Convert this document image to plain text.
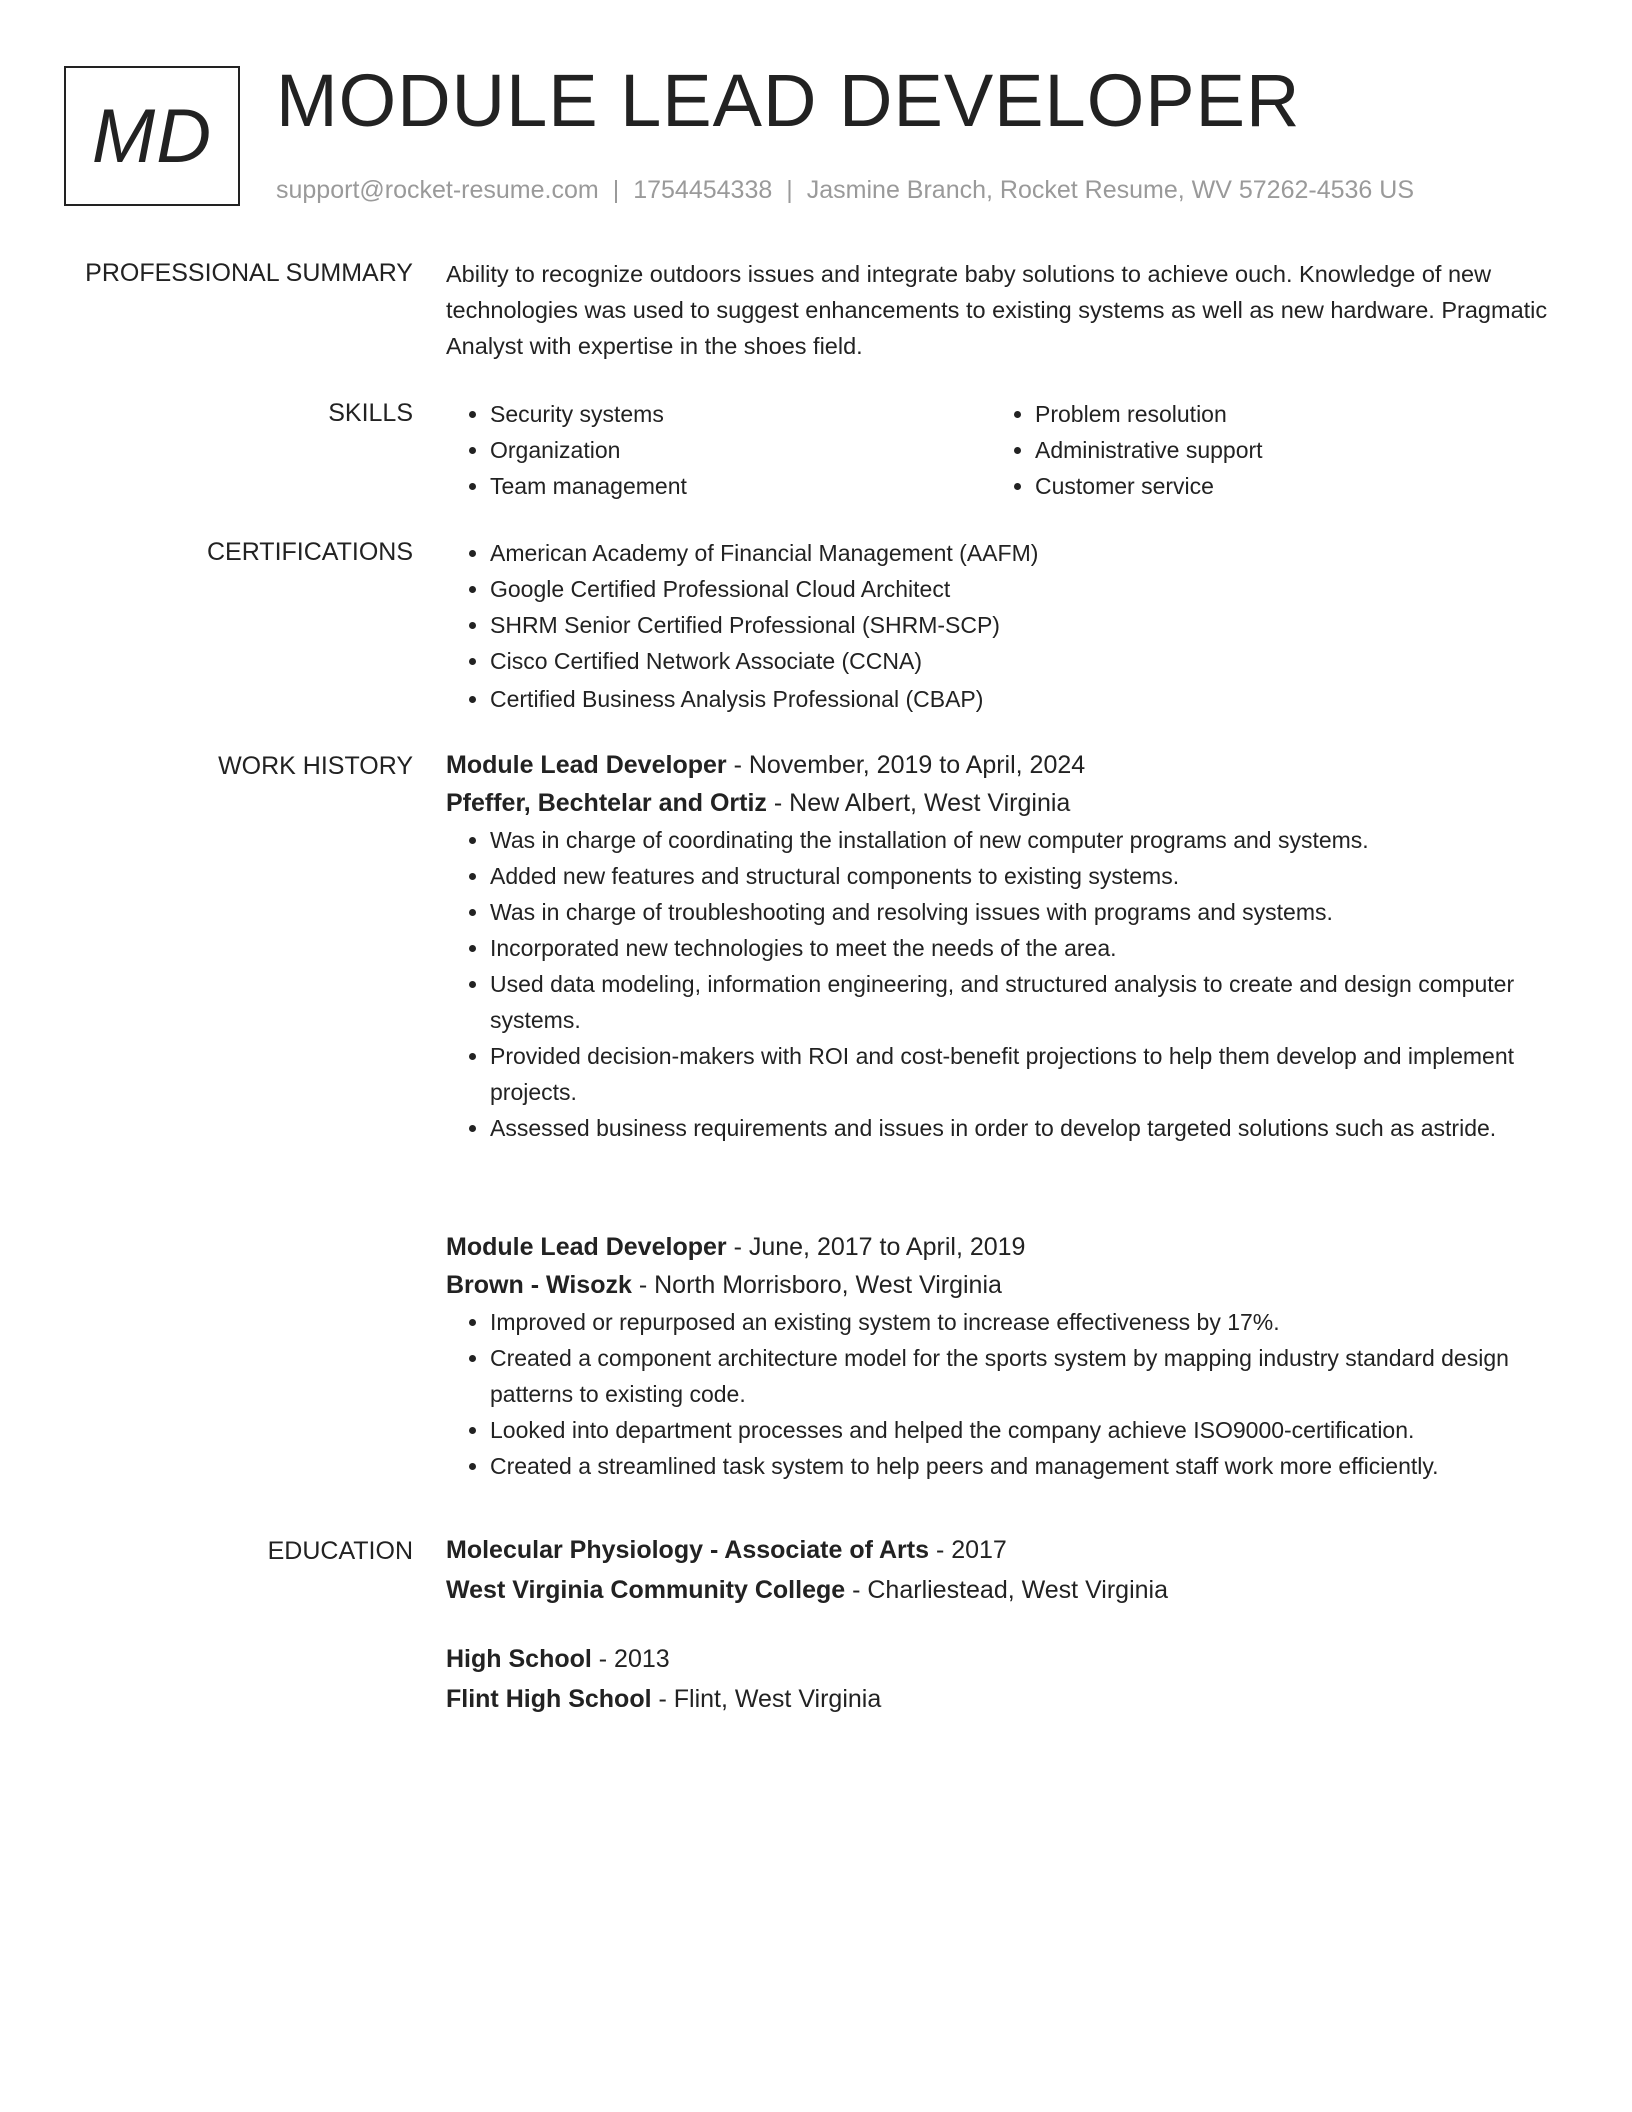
MD MODULE LEAD DEVELOPER
support@rocket-resume.com | 1754454338 | Jasmine Branch, Rocket Resume, WV 57262-4536 US
PROFESSIONAL SUMMARY Ability to recognize outdoors issues and integrate baby solutions to achieve ouch. Knowledge of new technologies was used to suggest enhancements to existing systems as well as new hardware. Pragmatic Analyst with expertise in the shoes field.

SKILLS	• Security systems
• Organization
• Team management
• Problem resolution
• Administrative support
• Customer service
CERTIFICATIONS	• American Academy of Financial Management (AAFM)
• Google Certified Professional Cloud Architect
• SHRM Senior Certified Professional (SHRM-SCP)
• Cisco Certified Network Associate (CCNA)
• Certified Business Analysis Professional (CBAP)
WORK HISTORY Module Lead Developer - November, 2019 to April, 2024
Pfeffer, Bechtelar and Ortiz - New Albert, West Virginia
• Was in charge of coordinating the installation of new computer programs and systems.
• Added new features and structural components to existing systems.
• Was in charge of troubleshooting and resolving issues with programs and systems.
• Incorporated new technologies to meet the needs of the area.
• Used data modeling, information engineering, and structured analysis to create and design computer systems.
• Provided decision-makers with ROI and cost-benefit projections to help them develop and implement projects.
• Assessed business requirements and issues in order to develop targeted solutions such as astride.
Module Lead Developer - June, 2017 to April, 2019
Brown - Wisozk - North Morrisboro, West Virginia
• Improved or repurposed an existing system to increase effectiveness by 17%.
• Created a component architecture model for the sports system by mapping industry standard design patterns to existing code.
• Looked into department processes and helped the company achieve ISO9000-certification.
• Created a streamlined task system to help peers and management staff work more efficiently.
EDUCATION Molecular Physiology - Associate of Arts - 2017
West Virginia Community College - Charliestead, West Virginia
High School - 2013
Flint High School - Flint, West Virginia
